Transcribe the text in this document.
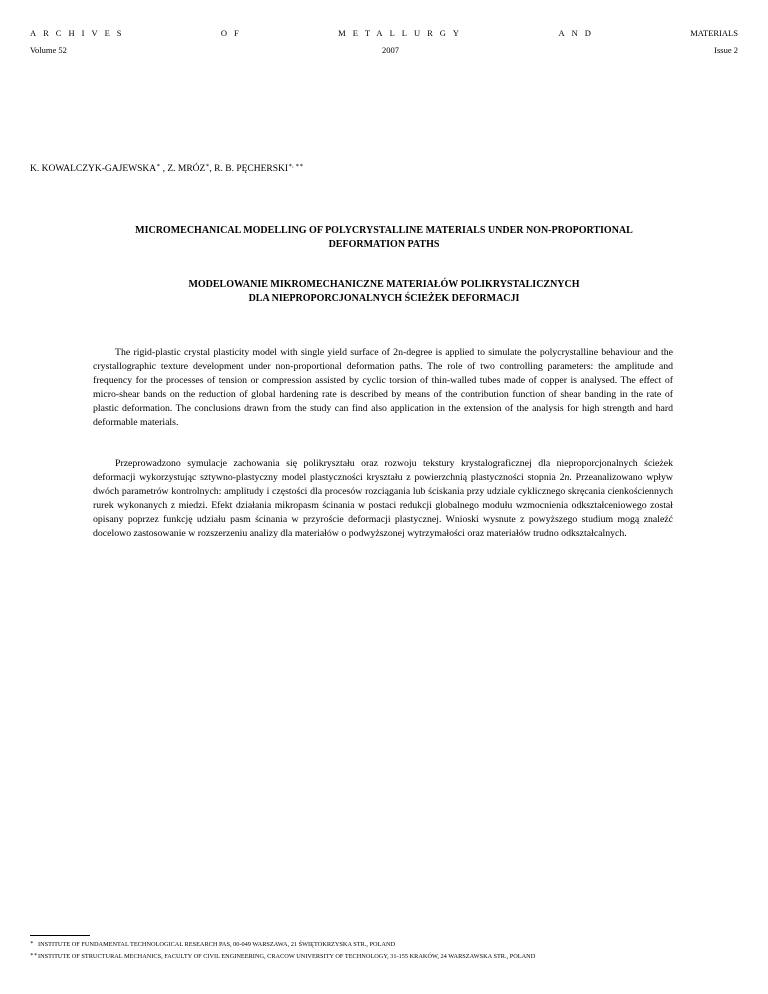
ARCHIVES	OF	METALLURGY	AND	MATERIALS
Volume 52	2007	Issue 2
K. KOWALCZYK-GAJEWSKA∗ , Z. MRÓZ∗, R. B. PĘCHERSKI∗, ∗∗
MICROMECHANICAL MODELLING OF POLYCRYSTALLINE MATERIALS UNDER NON-PROPORTIONAL
DEFORMATION PATHS
MODELOWANIE MIKROMECHANICZNE MATERIAŁÓW POLIKRYSTALICZNYCH
DLA NIEPROPORCJONALNYCH ŚCIEŻEK DEFORMACJI

The rigid-plastic crystal plasticity model with single yield surface of 2n-degree is applied to simulate the polycrystalline behaviour and the crystallographic texture development under non-proportional deformation paths. The role of two controlling parameters: the amplitude and frequency for the processes of tension or compression assisted by cyclic torsion of thin-walled tubes made of copper is analysed. The effect of micro-shear bands on the reduction of global hardening rate is described by means of the contribution function of shear banding in the rate of plastic deformation. The conclusions drawn from the study can find also application in the extension of the analysis for high strength and hard deformable materials.

Przeprowadzono symulacje zachowania się polikryształu oraz rozwoju tekstury krystalograficznej dla nieproporcjonalnych ścieżek deformacji wykorzystując sztywno-plastyczny model plastyczności kryształu z powierzchnią plastyczności stopnia 2n. Przeanalizowano wpływ dwóch parametrów kontrolnych: amplitudy i częstości dla procesów rozciągania lub ściskania przy udziale cyklicznego skręcania cienkościennych rurek wykonanych z miedzi. Efekt działania mikropasm ścinania w postaci redukcji globalnego modułu wzmocnienia odkształceniowego został opisany poprzez funkcję udziału pasm ścinania w przyroście deformacji plastycznej. Wnioski wysnute z powyższego studium mogą znaleźć docelowo zastosowanie w rozszerzeniu analizy dla materiałów o podwyższonej wytrzymałości oraz materiałów trudno odkształcalnych.

∗ INSTITUTE OF FUNDAMENTAL TECHNOLOGICAL RESEARCH PAS, 00-049 WARSZAWA, 21 ŚWIĘTOKRZYSKA STR., POLAND
∗∗INSTITUTE OF STRUCTURAL MECHANICS, FACULTY OF CIVIL ENGINEERING, CRACOW UNIVERSITY OF TECHNOLOGY, 31-155 KRAKÓW, 24 WARSZAWSKA STR., POLAND
